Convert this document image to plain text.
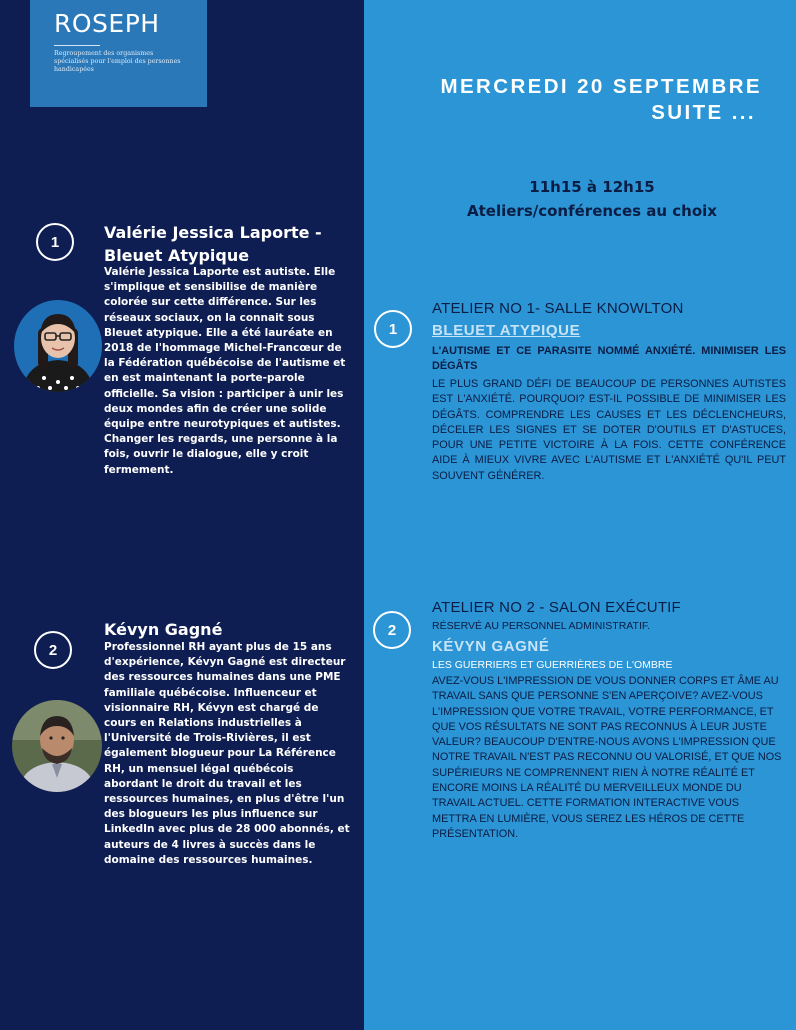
ROSEPH
Regroupement des organismes spécialisés pour l'emploi des personnes handicapées
1	Valérie Jessica Laporte -
Bleuet Atypique
Valérie Jessica Laporte est autiste. Elle s'implique et sensibilise de manière colorée sur cette différence. Sur les réseaux sociaux, on la connait sous Bleuet atypique. Elle a été lauréate en 2018 de l'hommage Michel-Francœur de la Fédération québécoise de l'autisme et en est maintenant la porte-parole officielle. Sa vision : participer à unir les deux mondes afin de créer une solide équipe entre neurotypiques et autistes. Changer les regards, une personne à la fois, ouvrir le dialogue, elle y croit fermement.
2
Kévyn Gagné
Professionnel RH ayant plus de 15 ans d'expérience, Kévyn Gagné est directeur des ressources humaines dans une PME familiale québécoise. Influenceur et visionnaire RH, Kévyn est chargé de cours en Relations industrielles à l'Université de Trois-Rivières, il est également blogueur pour La Référence RH, un mensuel légal québécois abordant le droit du travail et les ressources humaines, en plus d'être l'un des blogueurs les plus influence sur LinkedIn avec plus de 28 000 abonnés, et auteurs de 4 livres à succès dans le domaine des ressources humaines.
MERCREDI 20 SEPTEMBRE
SUITE ...
11h15 à 12h15
Ateliers/conférences au choix
1
ATELIER NO 1- SALLE KNOWLTON
BLEUET ATYPIQUE
L'AUTISME ET CE PARASITE NOMMÉ ANXIÉTÉ. MINIMISER LES DÉGÂTS
LE PLUS GRAND DÉFI DE BEAUCOUP DE PERSONNES AUTISTES EST L'ANXIÉTÉ. POURQUOI? EST-IL POSSIBLE DE MINIMISER LES DÉGÂTS. COMPRENDRE LES CAUSES ET LES DÉCLENCHEURS, DÉCELER LES SIGNES ET SE DOTER D'OUTILS ET D'ASTUCES, POUR UNE PETITE VICTOIRE À LA FOIS. CETTE CONFÉRENCE AIDE À MIEUX VIVRE AVEC L'AUTISME ET L'ANXIÉTÉ QU'IL PEUT SOUVENT GÉNÉRER.
2
ATELIER NO 2 - SALON EXÉCUTIF
RÉSERVÉ AU PERSONNEL ADMINISTRATIF.
KÉVYN GAGNÉ
LES GUERRIERS ET GUERRIÈRES DE L'OMBRE
AVEZ-VOUS L'IMPRESSION DE VOUS DONNER CORPS ET ÂME AU TRAVAIL SANS QUE PERSONNE S'EN APERÇOIVE? AVEZ-VOUS L'IMPRESSION QUE VOTRE TRAVAIL, VOTRE PERFORMANCE, ET QUE VOS RÉSULTATS NE SONT PAS RECONNUS À LEUR JUSTE VALEUR? BEAUCOUP D'ENTRE-NOUS AVONS L'IMPRESSION QUE NOTRE TRAVAIL N'EST PAS RECONNU OU VALORISÉ, ET QUE NOS SUPÉRIEURS NE COMPRENNENT RIEN À NOTRE RÉALITÉ ET ENCORE MOINS LA RÉALITÉ DU MERVEILLEUX MONDE DU TRAVAIL ACTUEL. CETTE FORMATION INTERACTIVE VOUS METTRA EN LUMIÈRE, VOUS SEREZ LES HÉROS DE CETTE PRÉSENTATION.
